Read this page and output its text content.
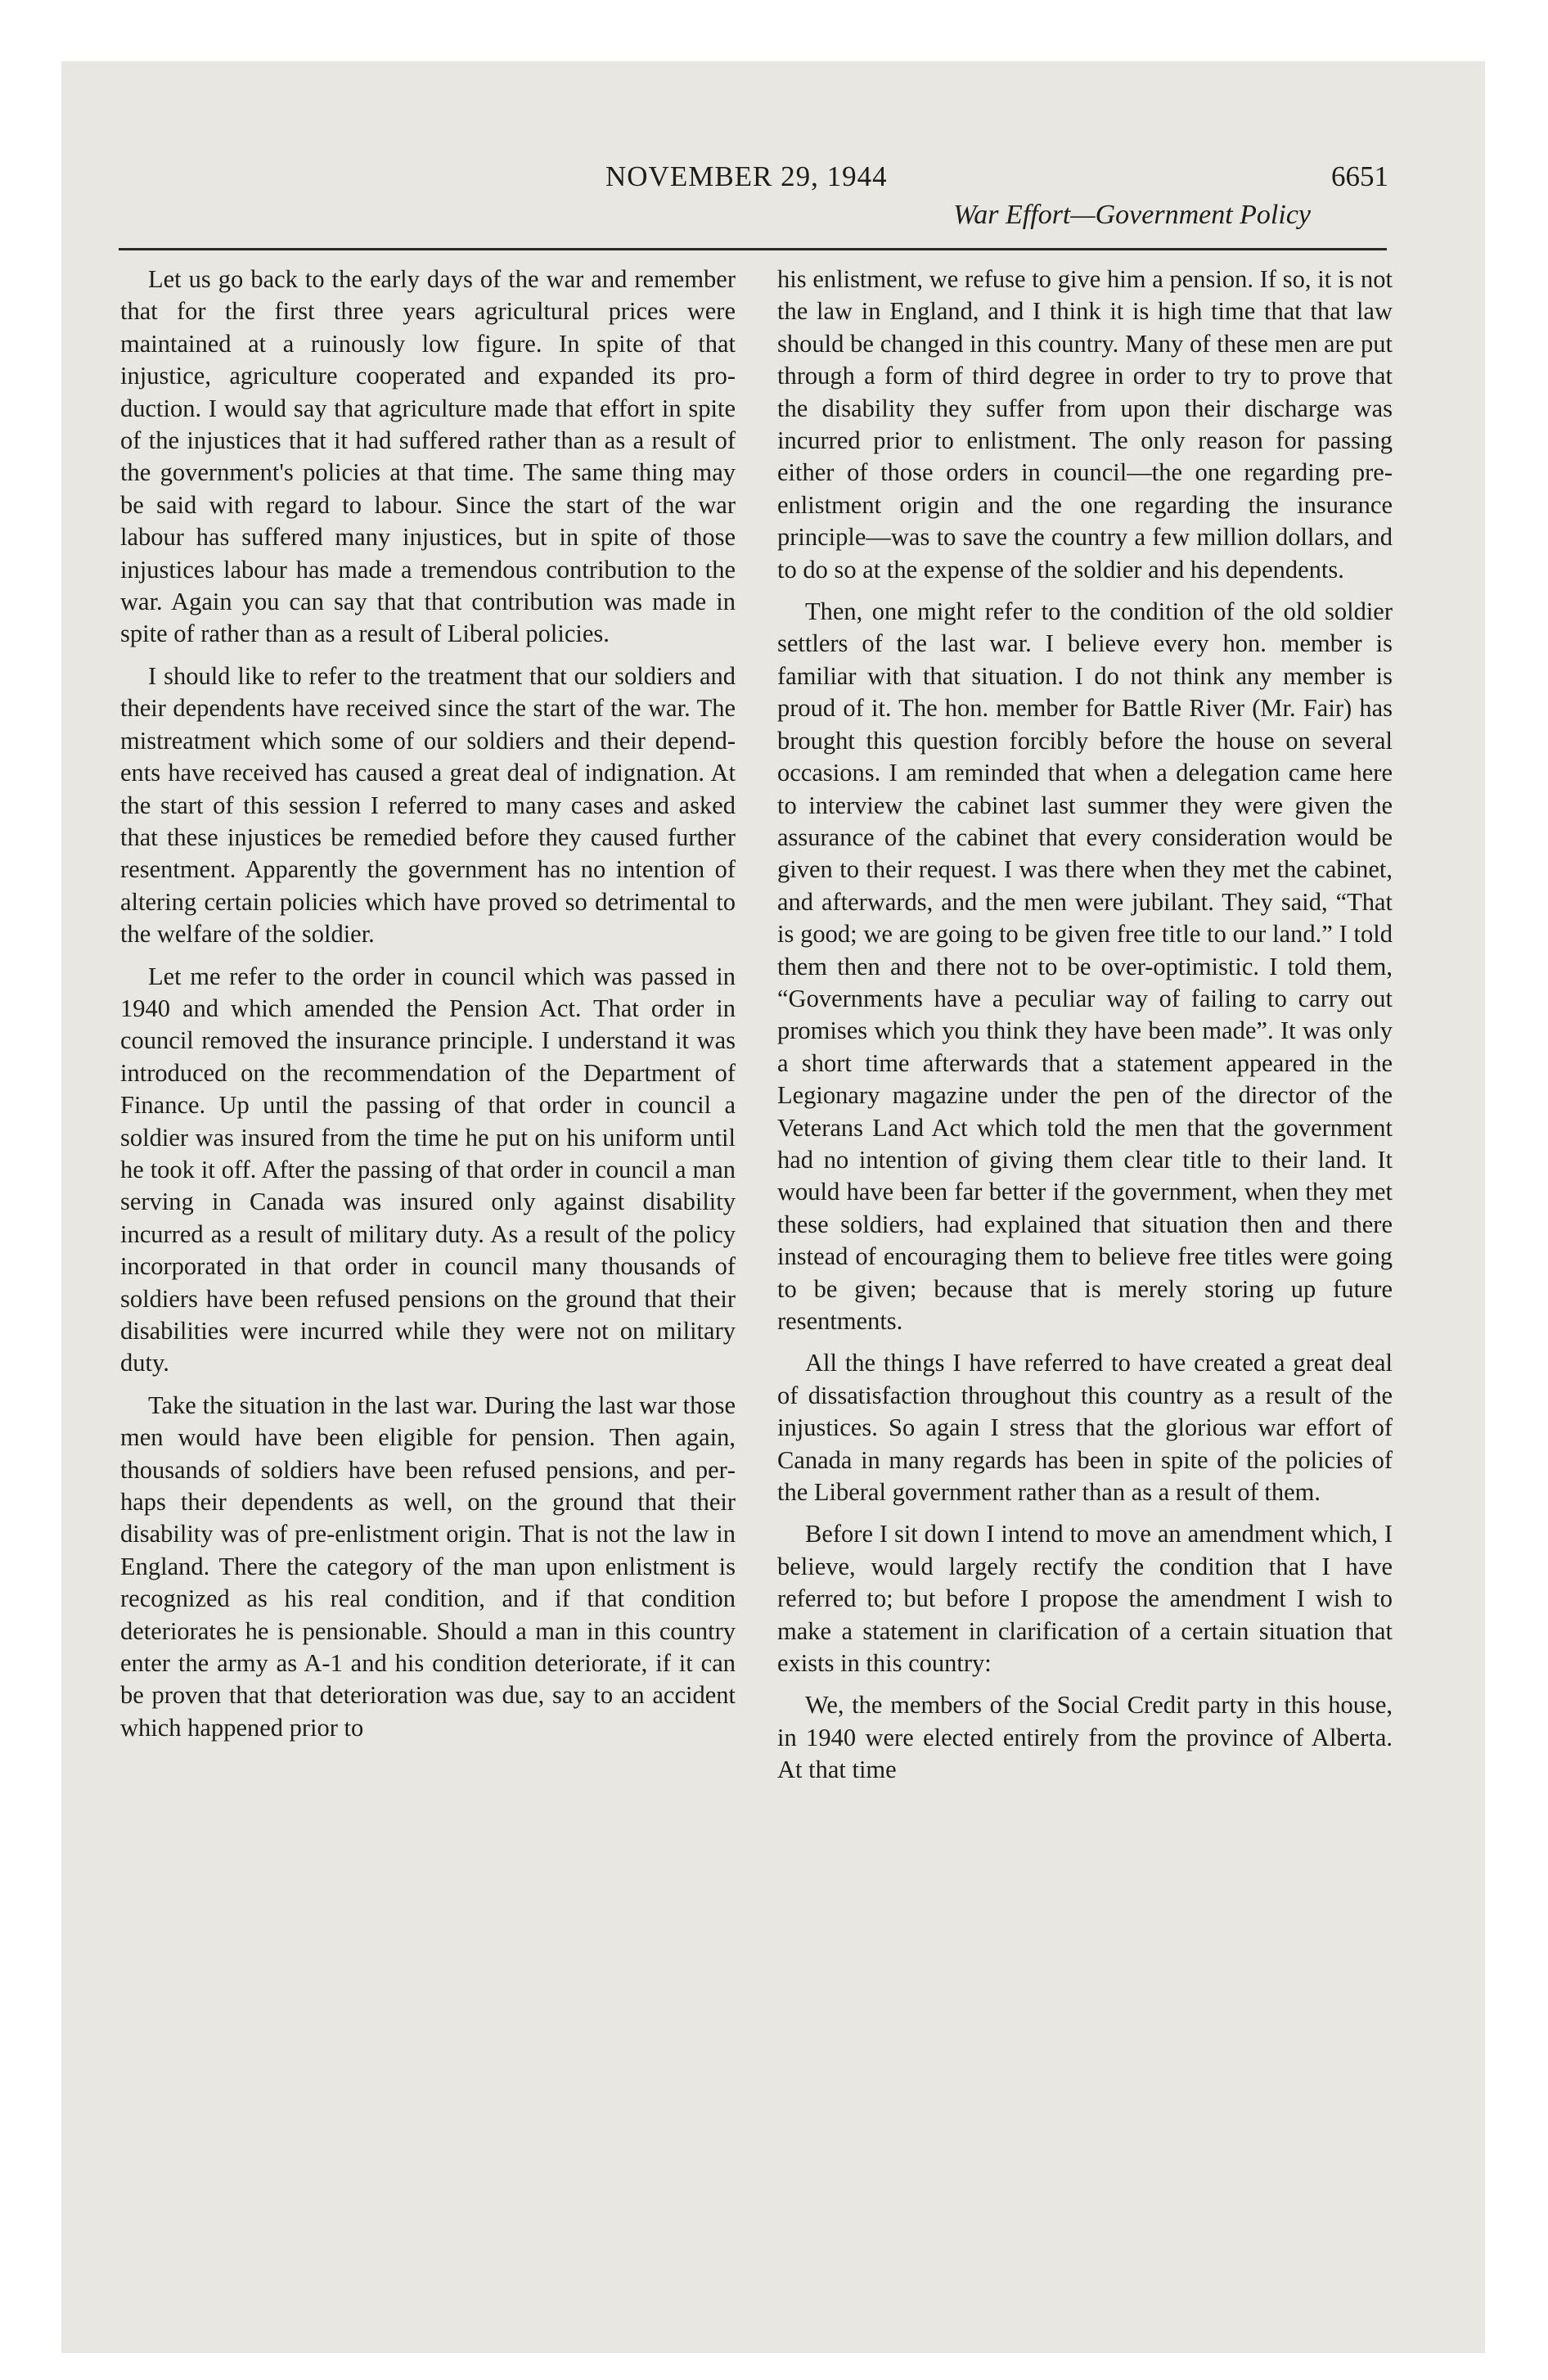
NOVEMBER 29, 1944	6651
War Effort—Government Policy

Let us go back to the early days of the war and remember that for the first three years agricultural prices were maintained at a ruinously low figure. In spite of that injustice, agriculture cooperated and expanded its production. I would say that agriculture made that effort in spite of the injustices that it had suffered rather than as a result of the government's policies at that time. The same thing may be said with regard to labour. Since the start of the war labour has suffered many injustices, but in spite of those injustices labour has made a tremendous contribution to the war. Again you can say that that contribution was made in spite of rather than as a result of Liberal policies.

I should like to refer to the treatment that our soldiers and their dependents have received since the start of the war. The mistreatment which some of our soldiers and their dependents have received has caused a great deal of indignation. At the start of this session I referred to many cases and asked that these injustices be remedied before they caused further resentment. Apparently the government has no intention of altering certain policies which have proved so detrimental to the welfare of the soldier.

Let me refer to the order in council which was passed in 1940 and which amended the Pension Act. That order in council removed the insurance principle. I understand it was introduced on the recommendation of the Department of Finance. Up until the passing of that order in council a soldier was insured from the time he put on his uniform until he took it off. After the passing of that order in council a man serving in Canada was insured only against disability incurred as a result of military duty. As a result of the policy incorporated in that order in council many thousands of soldiers have been refused pensions on the ground that their disabilities were incurred while they were not on military duty.

Take the situation in the last war. During the last war those men would have been eligible for pension. Then again, thousands of soldiers have been refused pensions, and perhaps their dependents as well, on the ground that their disability was of pre-enlistment origin. That is not the law in England. There the category of the man upon enlistment is recognized as his real condition, and if that condition deteriorates he is pensionable. Should a man in this country enter the army as A-1 and his condition deteriorate, if it can be proven that that deterioration was due, say to an accident which happened prior to

his enlistment, we refuse to give him a pension. If so, it is not the law in England, and I think it is high time that that law should be changed in this country. Many of these men are put through a form of third degree in order to try to prove that the disability they suffer from upon their discharge was incurred prior to enlistment. The only reason for passing either of those orders in council—the one regarding pre-enlistment origin and the one regarding the insurance principle—was to save the country a few million dollars, and to do so at the expense of the soldier and his dependents.

Then, one might refer to the condition of the old soldier settlers of the last war. I believe every hon. member is familiar with that situation. I do not think any member is proud of it. The hon. member for Battle River (Mr. Fair) has brought this question forcibly before the house on several occasions. I am reminded that when a delegation came here to interview the cabinet last summer they were given the assurance of the cabinet that every consideration would be given to their request. I was there when they met the cabinet, and afterwards, and the men were jubilant. They said, “That is good; we are going to be given free title to our land.” I told them then and there not to be over-optimistic. I told them, “Governments have a peculiar way of failing to carry out promises which you think they have been made”. It was only a short time afterwards that a statement appeared in the Legionary magazine under the pen of the director of the Veterans Land Act which told the men that the government had no intention of giving them clear title to their land. It would have been far better if the government, when they met these soldiers, had explained that situation then and there instead of encouraging them to believe free titles were going to be given; because that is merely storing up future resentments.

All the things I have referred to have created a great deal of dissatisfaction throughout this country as a result of the injustices. So again I stress that the glorious war effort of Canada in many regards has been in spite of the policies of the Liberal government rather than as a result of them.

Before I sit down I intend to move an amendment which, I believe, would largely rectify the condition that I have referred to; but before I propose the amendment I wish to make a statement in clarification of a certain situation that exists in this country:

We, the members of the Social Credit party in this house, in 1940 were elected entirely from the province of Alberta. At that time
